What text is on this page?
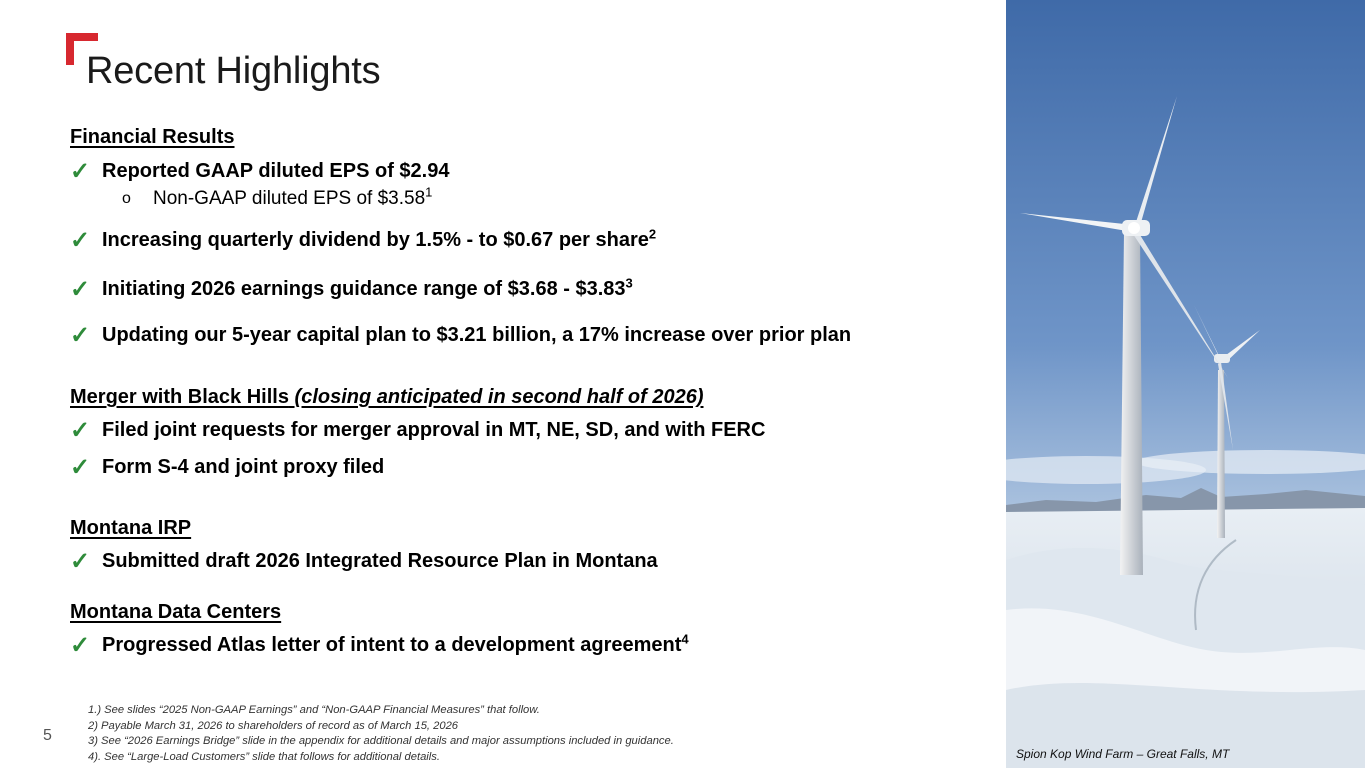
Recent Highlights
Financial Results
✓ Reported GAAP diluted EPS of $2.94
o Non-GAAP diluted EPS of $3.58$^1$
✓ Increasing quarterly dividend by 1.5% - to $0.67 per share$^2$
✓ Initiating 2026 earnings guidance range of $3.68 - $3.83$^3$
✓ Updating our 5-year capital plan to $3.21 billion, a 17% increase over prior plan
Merger with Black Hills (closing anticipated in second half of 2026)
✓ Filed joint requests for merger approval in MT, NE, SD, and with FERC
✓ Form S-4 and joint proxy filed
Montana IRP
✓ Submitted draft 2026 Integrated Resource Plan in Montana
Montana Data Centers
✓ Progressed Atlas letter of intent to a development agreement$^4$
5
1.) See slides “2025 Non-GAAP Earnings” and “Non-GAAP Financial Measures” that follow.
2) Payable March 31, 2026 to shareholders of record as of March 15, 2026
3) See “2026 Earnings Bridge” slide in the appendix for additional details and major assumptions included in guidance.
4). See “Large-Load Customers” slide that follows for additional details.	Spion Kop Wind Farm – Great Falls, MT
